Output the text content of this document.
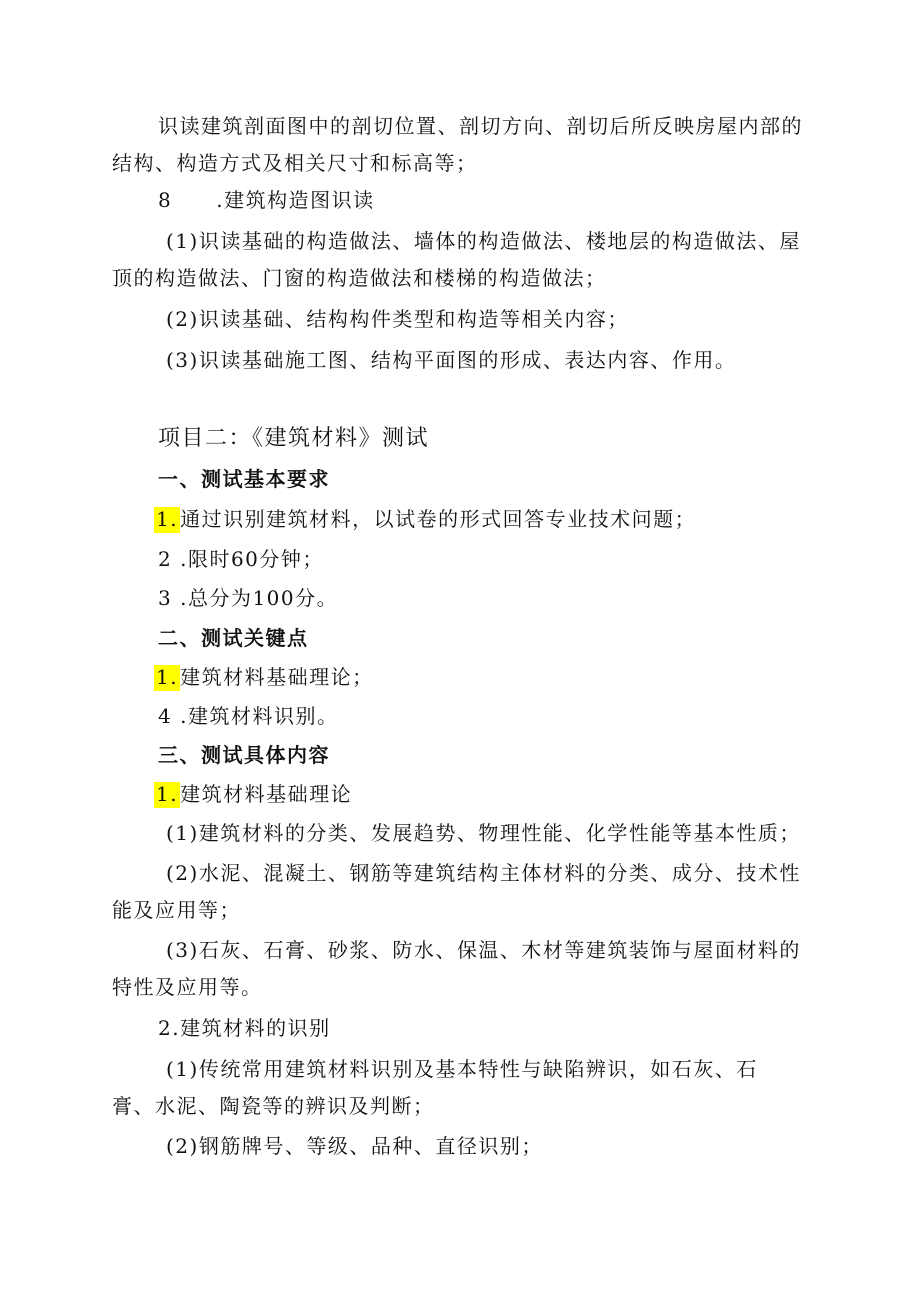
识读建筑剖面图中的剖切位置、剖切方向、剖切后所反映房屋内部的
结构、构造方式及相关尺寸和标高等；
8 .建筑构造图识读
(1)识读基础的构造做法、墙体的构造做法、楼地层的构造做法、屋
顶的构造做法、门窗的构造做法和楼梯的构造做法；
(2)识读基础、结构构件类型和构造等相关内容；
(3)识读基础施工图、结构平面图的形成、表达内容、作用。
项目二：《建筑材料》测试
一、测试基本要求
1. 通过识别建筑材料，以试卷的形式回答专业技术问题；
2 .限时60分钟；
3 .总分为100分。
二、测试关键点
1. 建筑材料基础理论；
4 .建筑材料识别。
三、测试具体内容
1. 建筑材料基础理论
(1)建筑材料的分类、发展趋势、物理性能、化学性能等基本性质；
(2)水泥、混凝土、钢筋等建筑结构主体材料的分类、成分、技术性
能及应用等；
(3)石灰、石膏、砂浆、防水、保温、木材等建筑装饰与屋面材料的
特性及应用等。
2.建筑材料的识别
(1)传统常用建筑材料识别及基本特性与缺陷辨识，如石灰、石
膏、水泥、陶瓷等的辨识及判断；
(2)钢筋牌号、等级、品种、直径识别；
